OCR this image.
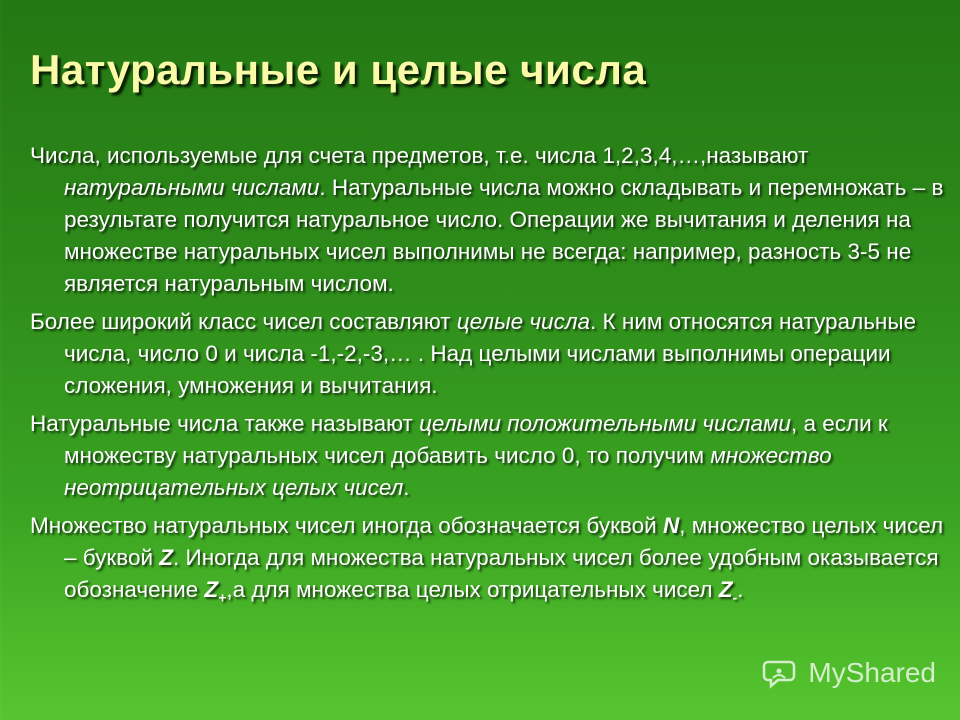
Натуральные и целые числа

Числа, используемые для счета предметов, т.е. числа 1,2,3,4,…,называют натуральными числами. Натуральные числа можно складывать и перемножать – в результате получится натуральное число. Операции же вычитания и деления на множестве натуральных чисел выполнимы не всегда: например, разность 3-5 не является натуральным числом.

Более широкий класс чисел составляют целые числа. К ним относятся натуральные числа, число 0 и числа -1,-2,-3,… . Над целыми числами выполнимы операции сложения, умножения и вычитания.

Натуральные числа также называют целыми положительными числами, а если к множеству натуральных чисел добавить число 0, то получим множество неотрицательных целых чисел.

Множество натуральных чисел иногда обозначается буквой N, множество целых чисел – буквой Z. Иногда для множества натуральных чисел более удобным оказывается обозначение $Z_+,а$ для множества целых отрицательных чисел $Z_-$.

MyShared
